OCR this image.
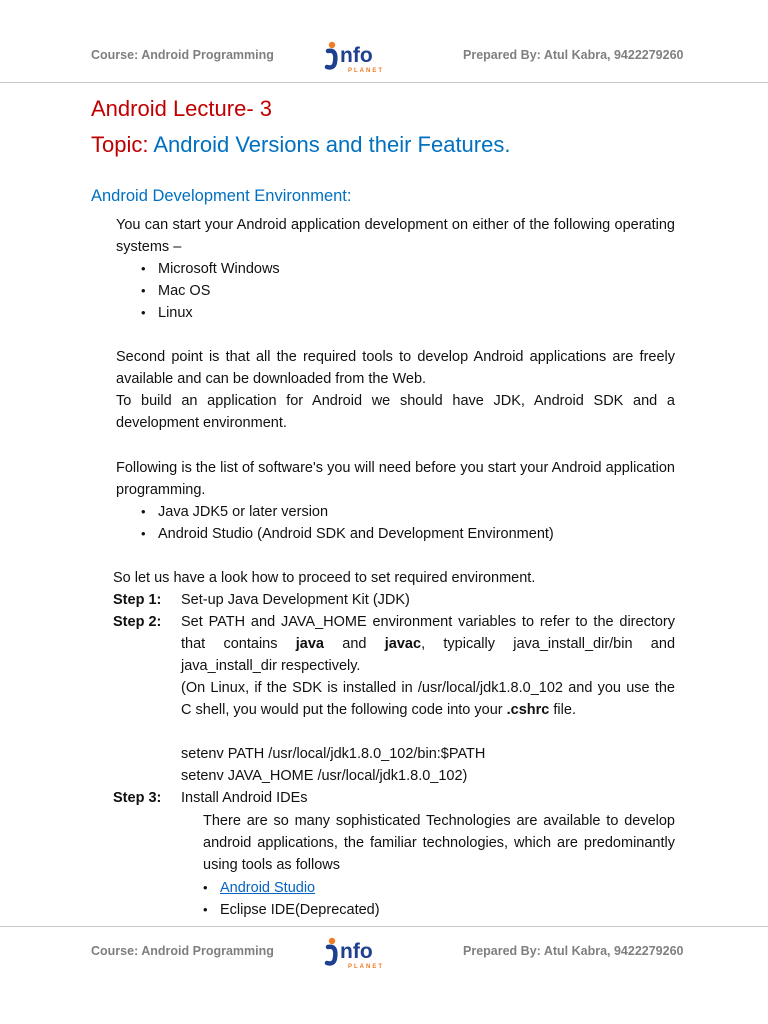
Course: Android Programming	nfo
PLANET
Prepared By: Atul Kabra, 9422279260
Android Lecture- 3
Topic: Android Versions and their Features.
Android Development Environment:

You can start your Android application development on either of the following operating systems –

• Microsoft Windows
• Mac OS
• Linux

Second point is that all the required tools to develop Android applications are freely available and can be downloaded from the Web.

To build an application for Android we should have JDK, Android SDK and a development environment.

Following is the list of software's you will need before you start your Android application programming.

• Java JDK5 or later version
• Android Studio (Android SDK and Development Environment)

So let us have a look how to proceed to set required environment.

Step 1: Set-up Java Development Kit (JDK)

Step 2: Set PATH and JAVA_HOME environment variables to refer to the directory that contains java and javac, typically java_install_dir/bin and java_install_dir respectively.

(On Linux, if the SDK is installed in /usr/local/jdk1.8.0_102 and you use the C shell, you would put the following code into your .cshrc file.

setenv PATH /usr/local/jdk1.8.0_102/bin:$PATH

setenv JAVA_HOME /usr/local/jdk1.8.0_102)

Step 3: Install Android IDEs

There are so many sophisticated Technologies are available to develop android applications, the familiar technologies, which are predominantly using tools as follows

• Android Studio
• Eclipse IDE(Deprecated)
Course: Android Programming	nfo
PLANET
Prepared By: Atul Kabra, 9422279260
